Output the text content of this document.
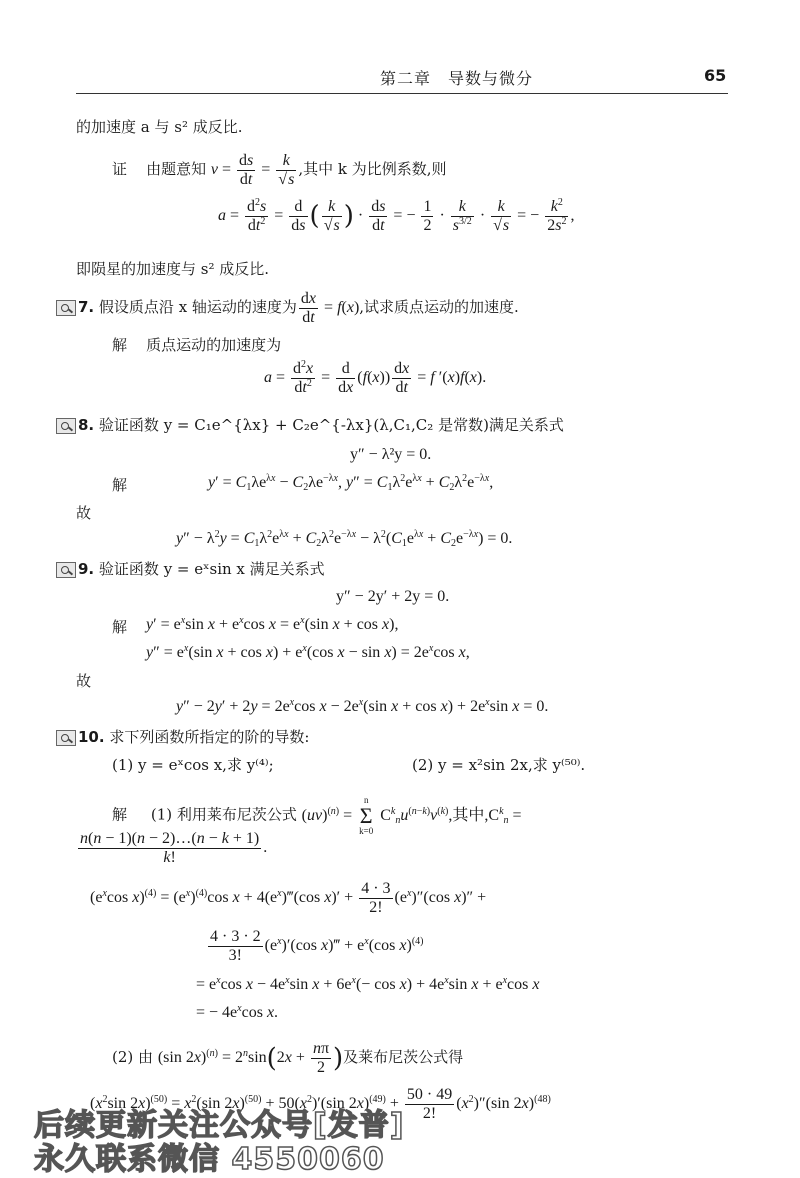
第二章　导数与微分	65
的加速度 a 与 s² 成反比.
证 由题意知 $v = \frac{ds}{dt} = \frac{k}{√s}$ ,其中 k 为比例系数,则
$a = \frac{d^2s}{dt^2} = \frac{d}{ds}$ ( $\frac{k}{√s}$ ) · $\frac{ds}{dt}$ = − $\frac{1}{2} \cdot \frac{k}{s^{3/2}} \cdot \frac{k}{√s}$ = − $\frac{k^2}{2s^2}$ ,
即陨星的加速度与 s² 成反比.
7. 假设质点沿 x 轴运动的速度为 $\frac{dx}{dt} = f(x)$,试求质点运动的加速度.
解 质点运动的加速度为
$a = \frac{d^2x}{dt^2} = \frac{d}{dx} (f(x)) \frac{dx}{dt} = f$ ′(x)f(x).
8. 验证函数 y = C₁e^{λx} + C₂e^{-λx}(λ,C₁,C₂ 是常数)满足关系式
y″ − λ²y = 0.
解	$y' = C_1\lambda e^{\lambda x} - C_2\lambda e^{-\lambda x}$, $y'' = C_1\lambda^2e^{\lambda x} + C_2\lambda^2e^{-\lambda x}$,
故
$y'' - \lambda^2y = C_1\lambda^2e^{\lambda x} + C_2\lambda^2e^{-\lambda x} - \lambda^2(C_1e^{\lambda x} + C_2e^{-\lambda x}) = 0$.
9. 验证函数 y = eˣsin x 满足关系式
y″ − 2y′ + 2y = 0.
解 $y' = e^x\sin$ $x + e^x\cos$ $x = e^x(\sin$ x + cos x),
$y'' = e^x(\sin$ $x + \cos x) + e^x(\cos$ $x - \sin x) = 2e^x\cos$ x,
故
$y'' - 2y' + 2y = 2e^x\cos$ $x - 2e^x(\sin$ $x + \cos x) + 2e^x\sin$ x = 0.
10. 求下列函数所指定的阶的导数:
(1) y = eˣcos x,求 y⁽⁴⁾;	(2) y = x²sin 2x,求 y⁽⁵⁰⁾.
解 (1) 利用莱布尼茨公式 (uv)$^{(n)}$ = n
Σ
k=0 $C^k_nu^{(n-k)}v^{(k)}$,其中$,C^k_n$ =
$\frac{n(n - 1)(n - 2)\dots(n - k + 1)}{k!}$ .
($e^x\cos$ $x)^{(4)} = (e^x)^{(4)}\cos$ $x + 4(e^x)‴(\cos$ $x)' + \frac{4 \cdot 3}{2!} (e^x)''(\cos$ x)″ +
$\frac{4 \cdot 3 \cdot 2}{3!} (e^x)'(\cos$ x)‴ + $e^x(\cos$ x)$^{(4)}$
= $e^x\cos$ $x - 4e^x\sin$ $x + 6e^x(- \cos x) + 4e^x\sin$ $x + e^x\cos$ x
= − $4e^x\cos$ x.
(2) 由 (sin $2x)^{(n)} = 2^n\sin(2x + \frac{n\pi}{2}$ )及莱布尼茨公式得
($x^2\sin$ $2x)^{(50)} = x^2(\sin$ $2x)^{(50)} + 50(x^2)'(\sin$ $2x)^{(49)} + \frac{50 \cdot 49}{2!} (x^2)''(\sin$ 2x)$^{(48)}$
后续更新关注公众号[发普]
永久联系微信 4550060
